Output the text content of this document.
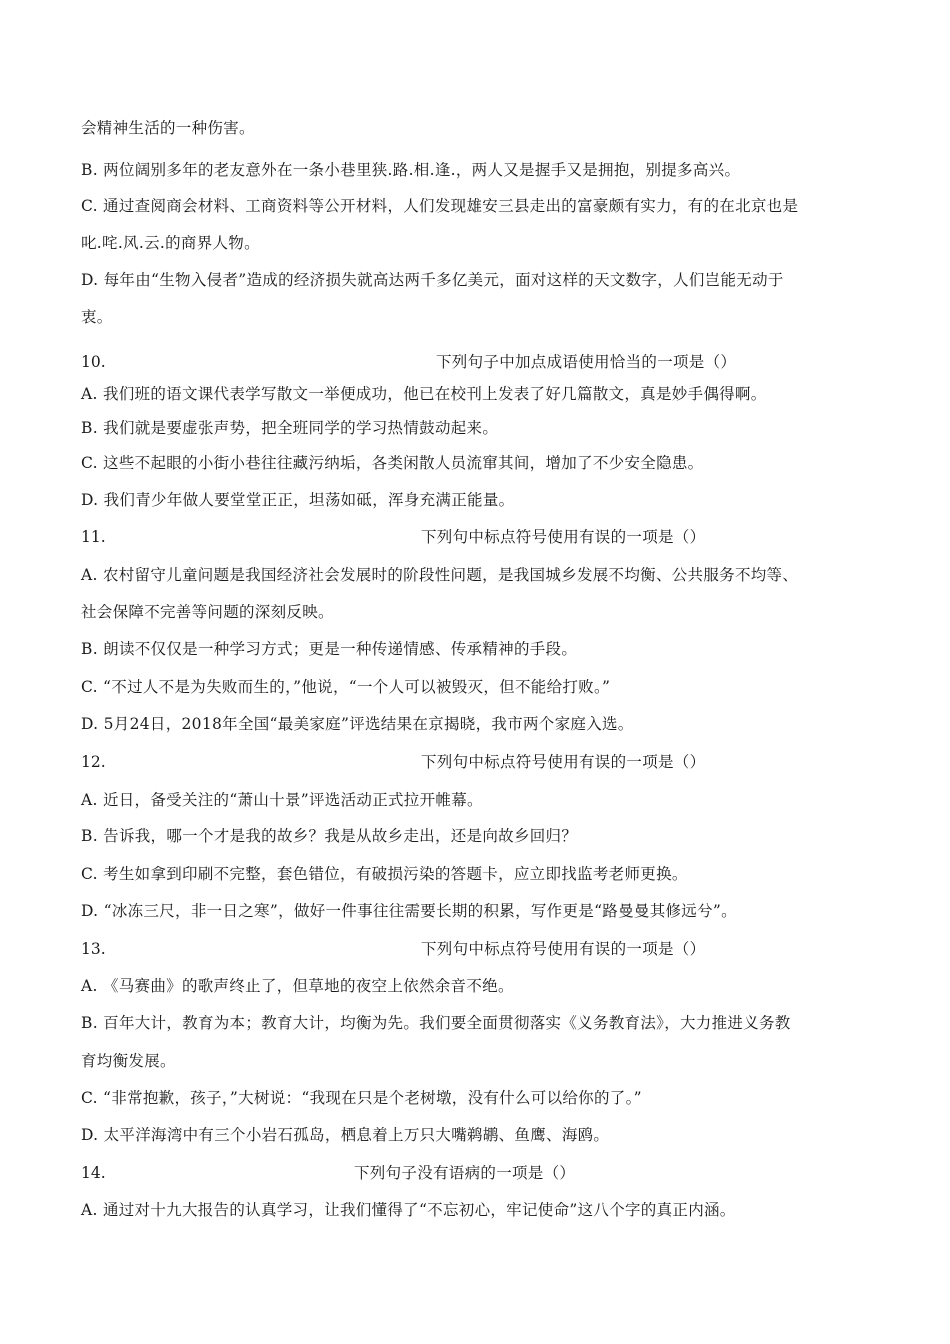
会精神生活的一种伤害。
B. 两位阔别多年的老友意外在一条小巷里狭.路.相.逢.，两人又是握手又是拥抱，别提多高兴。
C. 通过查阅商会材料、工商资料等公开材料，人们发现雄安三县走出的富豪颇有实力，有的在北京也是
叱.咤.风.云.的商界人物。
D. 每年由“生物入侵者”造成的经济损失就高达两千多亿美元，面对这样的天文数字，人们岂能无动于
衷。
10.	下列句子中加点成语使用恰当的一项是（）
A. 我们班的语文课代表学写散文一举便成功，他已在校刊上发表了好几篇散文，真是妙手偶得啊。
B. 我们就是要虚张声势，把全班同学的学习热情鼓动起来。
C. 这些不起眼的小街小巷往往藏污纳垢，各类闲散人员流窜其间，增加了不少安全隐患。
D. 我们青少年做人要堂堂正正，坦荡如砥，浑身充满正能量。
11.	下列句中标点符号使用有误的一项是（）
A. 农村留守儿童问题是我国经济社会发展时的阶段性问题，是我国城乡发展不均衡、公共服务不均等、
社会保障不完善等问题的深刻反映。
B. 朗读不仅仅是一种学习方式；更是一种传递情感、传承精神的手段。
C. “不过人不是为失败而生的，”他说，“一个人可以被毁灭，但不能给打败。”
D. 5月24日，2018年全国“最美家庭”评选结果在京揭晓，我市两个家庭入选。
12.	下列句中标点符号使用有误的一项是（）
A. 近日，备受关注的“萧山十景”评选活动正式拉开帷幕。
B. 告诉我，哪一个才是我的故乡？我是从故乡走出，还是向故乡回归？
C. 考生如拿到印刷不完整，套色错位，有破损污染的答题卡，应立即找监考老师更换。
D. “冰冻三尺，非一日之寒”，做好一件事往往需要长期的积累，写作更是“路曼曼其修远兮”。
13.	下列句中标点符号使用有误的一项是（）
A. 《马赛曲》的歌声终止了，但草地的夜空上依然余音不绝。
B. 百年大计，教育为本；教育大计，均衡为先。我们要全面贯彻落实《义务教育法》，大力推进义务教
育均衡发展。
C. “非常抱歉，孩子，”大树说：“我现在只是个老树墩，没有什么可以给你的了。”
D. 太平洋海湾中有三个小岩石孤岛，栖息着上万只大嘴鹈鹕、鱼鹰、海鸥。
14.	下列句子没有语病的一项是（）
A. 通过对十九大报告的认真学习，让我们懂得了“不忘初心，牢记使命”这八个字的真正内涵。
